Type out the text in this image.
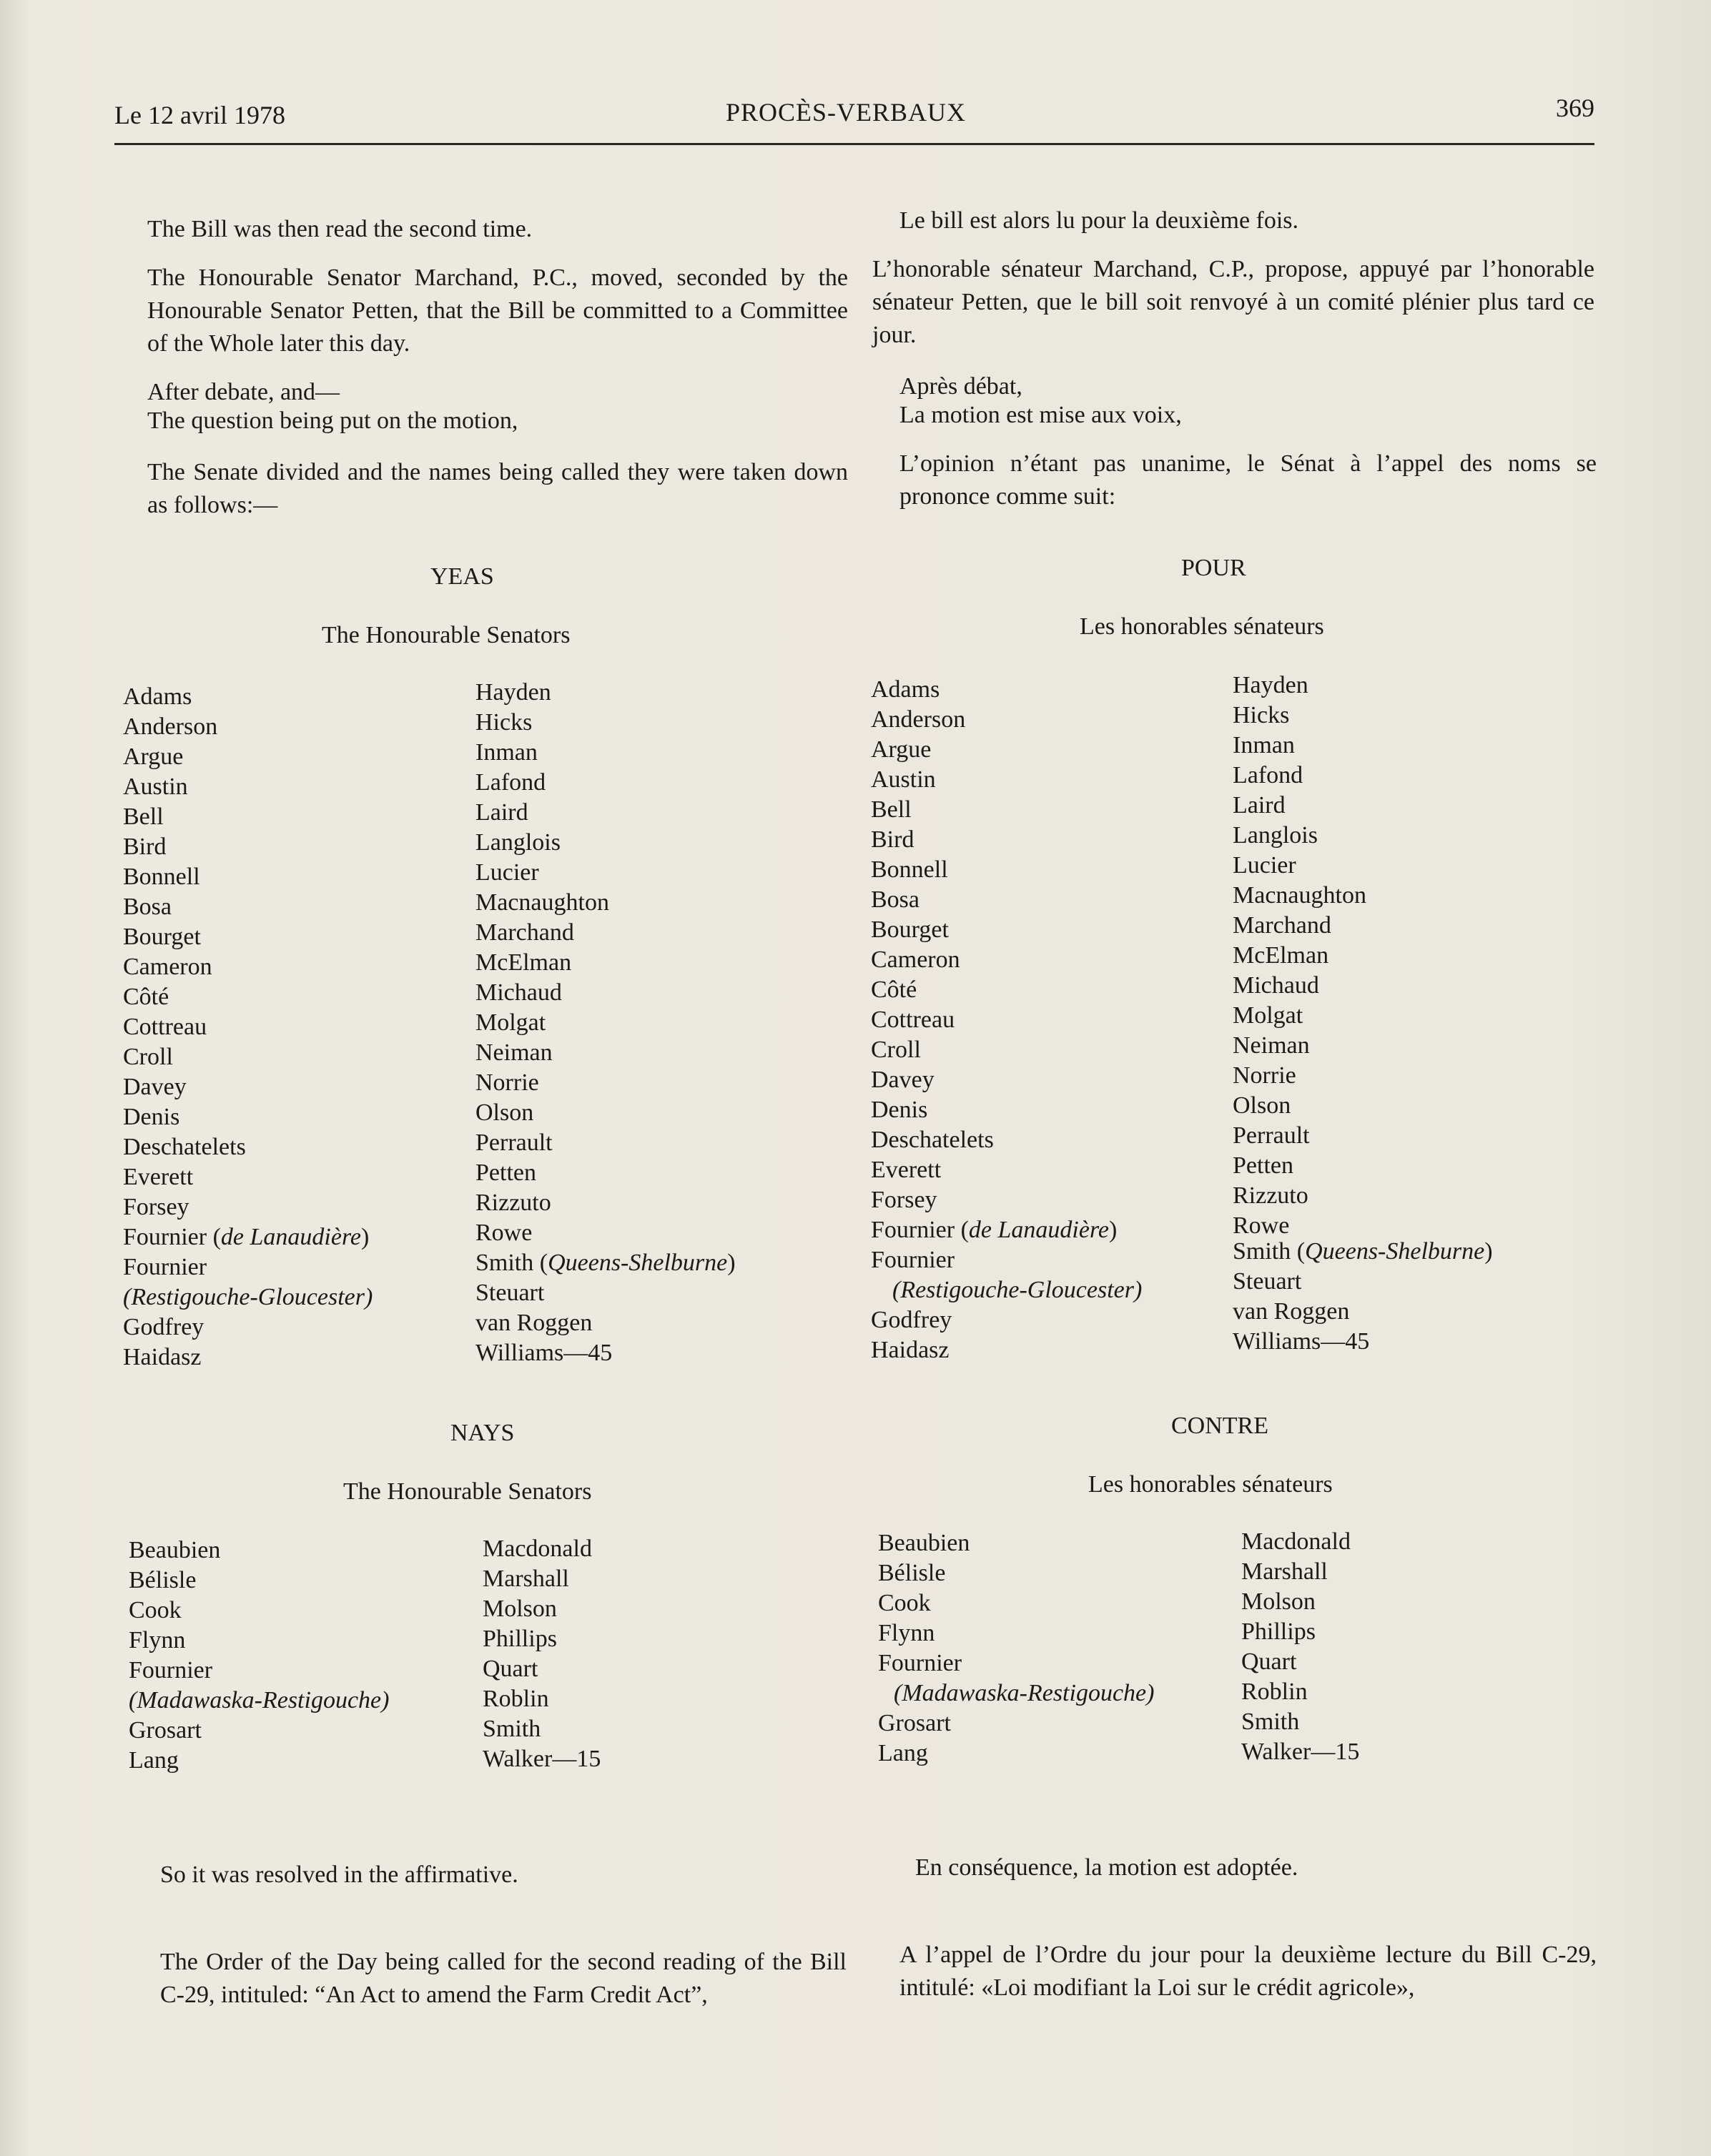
Le 12 avril 1978	PROCÈS-VERBAUX	369
The Bill was then read the second time.
The Honourable Senator Marchand, P.C., moved, seconded by the Honourable Senator Petten, that the Bill be committed to a Committee of the Whole later this day.
After debate, and—
The question being put on the motion,
The Senate divided and the names being called they were taken down as follows:—
YEAS
The Honourable Senators
Adams
Anderson
Argue
Austin
Bell
Bird
Bonnell
Bosa
Bourget
Cameron
Côté
Cottreau
Croll
Davey
Denis
Deschatelets
Everett
Forsey
Fournier (de Lanaudière)
Fournier
(Restigouche-Gloucester)
Godfrey
Haidasz
Hayden
Hicks
Inman
Lafond
Laird
Langlois
Lucier
Macnaughton
Marchand
McElman
Michaud
Molgat
Neiman
Norrie
Olson
Perrault
Petten
Rizzuto
Rowe
Smith (Queens-Shelburne)
Steuart
van Roggen
Williams—45
NAYS
The Honourable Senators
Beaubien
Bélisle
Cook
Flynn
Fournier
(Madawaska-Restigouche)
Grosart
Lang
Macdonald
Marshall
Molson
Phillips
Quart
Roblin
Smith
Walker—15
So it was resolved in the affirmative.
The Order of the Day being called for the second reading of the Bill C-29, intituled: “An Act to amend the Farm Credit Act”,
Le bill est alors lu pour la deuxième fois.
L’honorable sénateur Marchand, C.P., propose, appuyé par l’honorable sénateur Petten, que le bill soit renvoyé à un comité plénier plus tard ce jour.
Après débat,
La motion est mise aux voix,
L’opinion n’étant pas unanime, le Sénat à l’appel des noms se prononce comme suit:
POUR
Les honorables sénateurs
Adams
Anderson
Argue
Austin
Bell
Bird
Bonnell
Bosa
Bourget
Cameron
Côté
Cottreau
Croll
Davey
Denis
Deschatelets
Everett
Forsey
Fournier (de Lanaudière)
Fournier
(Restigouche-Gloucester)
Godfrey
Haidasz
Hayden
Hicks
Inman
Lafond
Laird
Langlois
Lucier
Macnaughton
Marchand
McElman
Michaud
Molgat
Neiman
Norrie
Olson
Perrault
Petten
Rizzuto
Rowe
Smith (Queens-Shelburne)
Steuart
van Roggen
Williams—45
CONTRE
Les honorables sénateurs
Beaubien
Bélisle
Cook
Flynn
Fournier
(Madawaska-Restigouche)
Grosart
Lang
Macdonald
Marshall
Molson
Phillips
Quart
Roblin
Smith
Walker—15
En conséquence, la motion est adoptée.
A l’appel de l’Ordre du jour pour la deuxième lecture du Bill C-29, intitulé: «Loi modifiant la Loi sur le crédit agricole»,
